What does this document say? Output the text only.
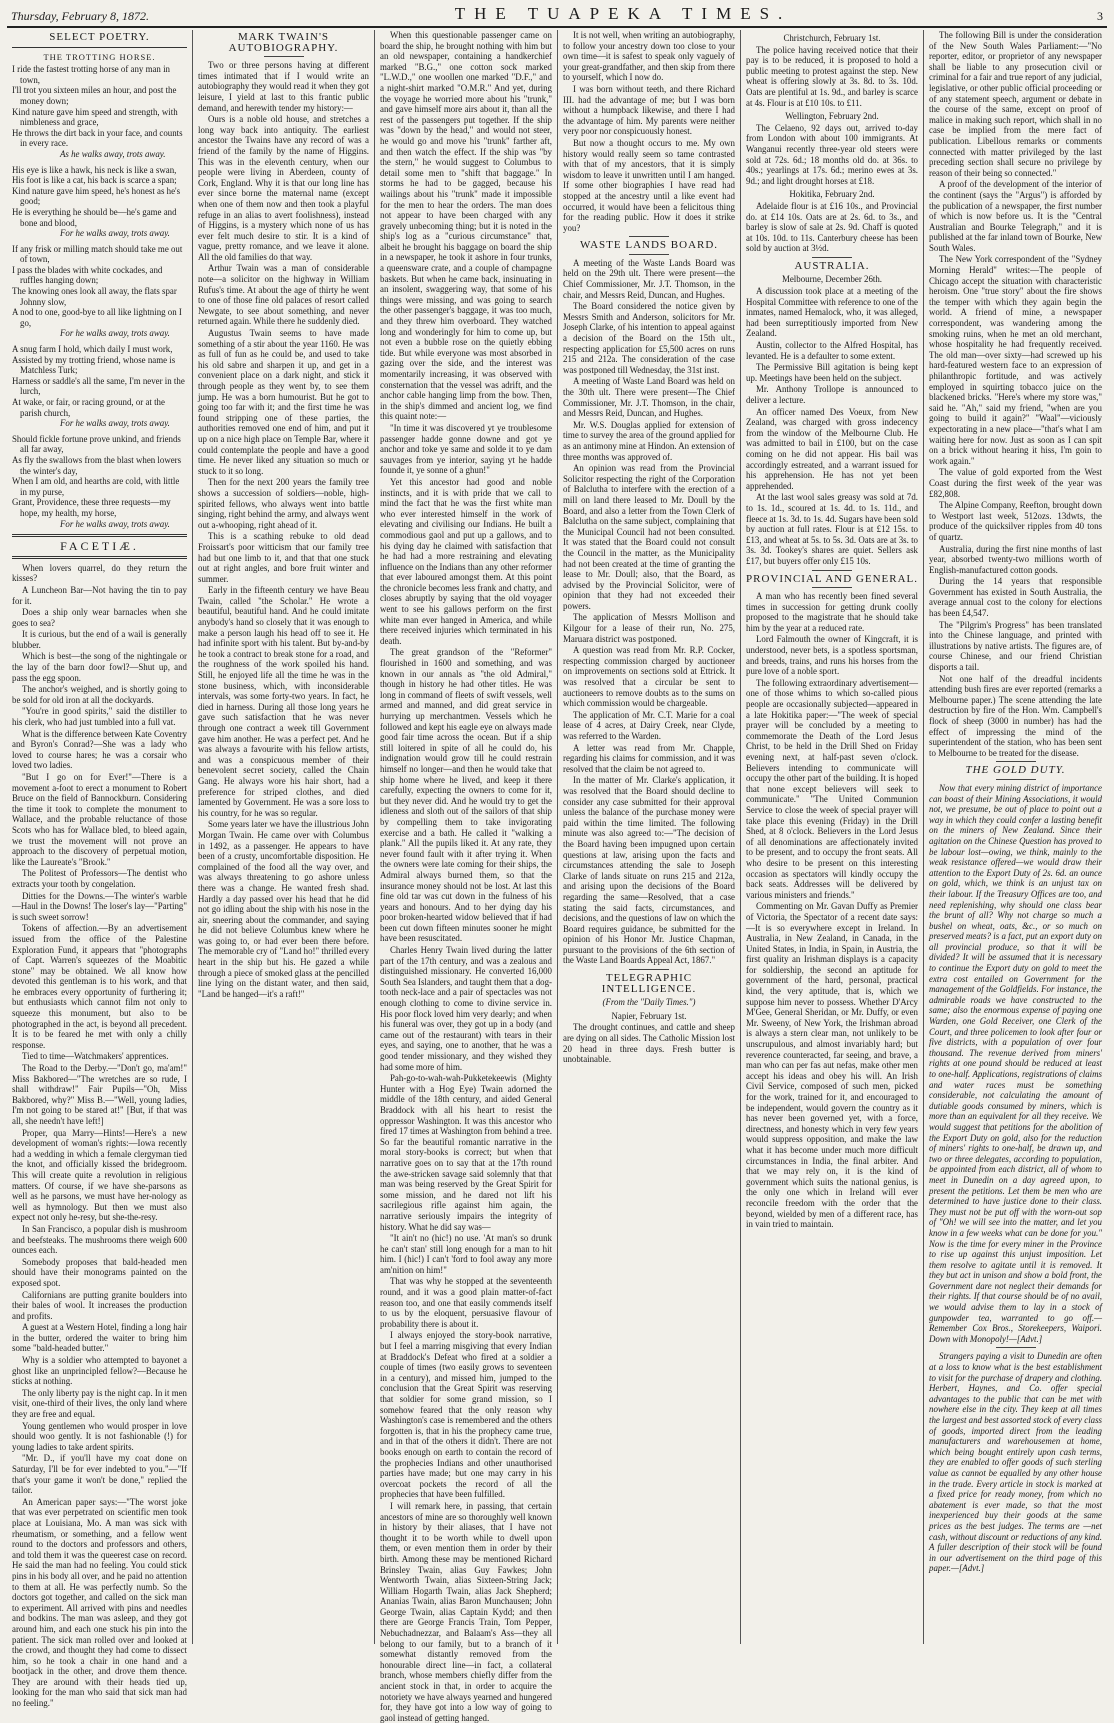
Thursday, February 8, 1872.	THE TUAPEKA TIMES.	3
SELECT POETRY.
THE TROTTING HORSE.

I ride the fastest trotting horse of any man in town,

I'll trot you sixteen miles an hour, and post the money down;

Kind nature gave him speed and strength, with nimbleness and grace,

He throws the dirt back in your face, and counts in every race.

As he walks away, trots away.

His eye is like a hawk, his neck is like a swan,

His foot is like a cat, his back is scarce a span;

Kind nature gave him speed, he's honest as he's good;

He is everything he should be—he's game and bone and blood,

For he walks away, trots away.

If any frisk or milling match should take me out of town,

I pass the blades with white cockades, and ruffles hanging down;

The knowing ones look all away, the flats spar Johnny slow,

A nod to one, good-bye to all like lightning on I go,

For he walks away, trots away.

A snug farm I hold, which daily I must work,

Assisted by my trotting friend, whose name is Matchless Turk;

Harness or saddle's all the same, I'm never in the lurch,

At wake, or fair, or racing ground, or at the parish church,

For he walks away, trots away.

Should fickle fortune prove unkind, and friends all far away,

As fly the swallows from the blast when lowers the winter's day,

When I am old, and hearths are cold, with little in my purse,

Grant, Providence, these three requests—my hope, my health, my horse,

For he walks away, trots away.

FACETIÆ.

When lovers quarrel, do they return the kisses?

A Luncheon Bar—Not having the tin to pay for it.

Does a ship only wear barnacles when she goes to sea?

It is curious, but the end of a wail is generally blubber.

Which is best—the song of the nightingale or the lay of the barn door fowl?—Shut up, and pass the egg spoon.

The anchor's weighed, and is shortly going to be sold for old iron at all the dockyards.

"You're in good spirits," said the distiller to his clerk, who had just tumbled into a full vat.

What is the difference between Kate Coventry and Byron's Conrad?—She was a lady who loved to course hares; he was a corsair who loved two ladies.

"But I go on for Ever!"—There is a movement a-foot to erect a monument to Robert Bruce on the field of Bannockburn. Considering the time it took to complete the monument to Wallace, and the probable reluctance of those Scots who has for Wallace bled, to bleed again, we trust the movement will not prove an approach to the discovery of perpetual motion, like the Laureate's "Brook."

The Politest of Professors—The dentist who extracts your tooth by congelation.

Ditties for the Downs.—The winter's warble—Haul in the Downs! The loser's lay—"Parting" is such sweet sorrow!

Tokens of affection.—By an advertisement issued from the office of the Palestine Exploration Fund, it appears that "photographs of Capt. Warren's squeezes of the Moabitic stone" may be obtained. We all know how devoted this gentleman is to his work, and that he embraces every opportunity of furthering it; but enthusiasts which cannot film not only to squeeze this monument, but also to be photographed in the act, is beyond all precedent. It is to be feared he met with only a chilly response.

Tied to time—Watchmakers' apprentices.

The Road to the Derby.—"Don't go, ma'am!" Miss Bakbored—"The wretches are so rude, I shall withdraw!" Fair Pupils—"Oh, Miss Bakbored, why?" Miss B.—"Well, young ladies, I'm not going to be stared at!" [But, if that was all, she needn't have left!]

Proper, qua Marry—Hints!—Here's a new development of woman's rights:—Iowa recently had a wedding in which a female clergyman tied the knot, and officially kissed the bridegroom. This will create quite a revolution in religious matters. Of course, if we have she-parsons as well as he parsons, we must have her-nology as well as hymnology. But then we must also expect not only he-resy, but she-the-resy.

In San Francisco, a popular dish is mushroom and beefsteaks. The mushrooms there weigh 600 ounces each.

Somebody proposes that bald-headed men should have their monograms painted on the exposed spot.

Californians are putting granite boulders into their bales of wool. It increases the production and profits.

A guest at a Western Hotel, finding a long hair in the butter, ordered the waiter to bring him some "bald-headed butter."

Why is a soldier who attempted to bayonet a ghost like an unprincipled fellow?—Because he sticks at nothing.

The only liberty pay is the night cap. In it men visit, one-third of their lives, the only land where they are free and equal.

Young gentlemen who would prosper in love should woo gently. It is not fashionable (!) for young ladies to take ardent spirits.

"Mr. D., if you'll have my coat done on Saturday, I'll be for ever indebted to you."—"If that's your game it won't be done," replied the tailor.

An American paper says:—"The worst joke that was ever perpetrated on scientific men took place at Louisiana, Mo. A man was sick with rheumatism, or something, and a fellow went round to the doctors and professors and others, and told them it was the queerest case on record. He said the man had no feeling. You could stick pins in his body all over, and he paid no attention to them at all. He was perfectly numb. So the doctors got together, and called on the sick man to experiment. All arrived with pins and needles and bodkins. The man was asleep, and they got around him, and each one stuck his pin into the patient. The sick man rolled over and looked at the crowd, and thought they had come to dissect him, so he took a chair in one hand and a bootjack in the other, and drove them thence. They are around with their heads tied up, looking for the man who said that sick man had no feeling."

MARK TWAIN'S AUTOBIOGRAPHY.

Two or three persons having at different times intimated that if I would write an autobiography they would read it when they got leisure, I yield at last to this frantic public demand, and herewith tender my history:—

Ours is a noble old house, and stretches a long way back into antiquity. The earliest ancestor the Twains have any record of was a friend of the family by the name of Higgins. This was in the eleventh century, when our people were living in Aberdeen, county of Cork, England. Why it is that our long line has ever since borne the maternal name (except when one of them now and then took a playful refuge in an alias to avert foolishness), instead of Higgins, is a mystery which none of us has ever felt much desire to stir. It is a kind of vague, pretty romance, and we leave it alone. All the old families do that way.

Arthur Twain was a man of considerable note—a solicitor on the highway in William Rufus's time. At about the age of thirty he went to one of those fine old palaces of resort called Newgate, to see about something, and never returned again. While there he suddenly died.

Augustus Twain seems to have made something of a stir about the year 1160. He was as full of fun as he could be, and used to take his old sabre and sharpen it up, and get in a convenient place on a dark night, and stick it through people as they went by, to see them jump. He was a born humourist. But he got to going too far with it; and the first time he was found stripping one of these parties, the authorities removed one end of him, and put it up on a nice high place on Temple Bar, where it could contemplate the people and have a good time. He never liked any situation so much or stuck to it so long.

Then for the next 200 years the family tree shows a succession of soldiers—noble, high-spirited fellows, who always went into battle singing, right behind the army, and always went out a-whooping, right ahead of it.

This is a scathing rebuke to old dead Froissart's poor witticism that our family tree had but one limb to it, and that that one stuck out at right angles, and bore fruit winter and summer.

Early in the fifteenth century we have Beau Twain, called "the Scholar." He wrote a beautiful, beautiful hand. And he could imitate anybody's hand so closely that it was enough to make a person laugh his head off to see it. He had infinite sport with his talent. But by-and-by he took a contract to break stone for a road, and the roughness of the work spoiled his hand. Still, he enjoyed life all the time he was in the stone business, which, with inconsiderable intervals, was some forty-two years. In fact, he died in harness. During all those long years he gave such satisfaction that he was never through one contract a week till Government gave him another. He was a perfect pet. And he was always a favourite with his fellow artists, and was a conspicuous member of their benevolent secret society, called the Chain Gang. He always wore his hair short, had a preference for striped clothes, and died lamented by Government. He was a sore loss to his country, for he was so regular.

Some years later we have the illustrious John Morgan Twain. He came over with Columbus in 1492, as a passenger. He appears to have been of a crusty, uncomfortable disposition. He complained of the food all the way over, and was always threatening to go ashore unless there was a change. He wanted fresh shad. Hardly a day passed over his head that he did not go idling about the ship with his nose in the air, sneering about the commander, and saying he did not believe Columbus knew where he was going to, or had ever been there before. The memorable cry of "Land ho!" thrilled every heart in the ship but his. He gazed a while through a piece of smoked glass at the pencilled line lying on the distant water, and then said, "Land be hanged—it's a raft!"

When this questionable passenger came on board the ship, he brought nothing with him but an old newspaper, containing a handkerchief marked "B.G.," one cotton sock marked "L.W.D.," one woollen one marked "D.F.," and a night-shirt marked "O.M.R." And yet, during the voyage he worried more about his "trunk," and gave himself more airs about it, than all the rest of the passengers put together. If the ship was "down by the head," and would not steer, he would go and move his "trunk" farther aft, and then watch the effect. If the ship was "by the stern," he would suggest to Columbus to detail some men to "shift that baggage." In storms he had to be gagged, because his wailings about his "trunk" made it impossible for the men to hear the orders. The man does not appear to have been charged with any gravely unbecoming thing; but it is noted in the ship's log as a "curious circumstance" that, albeit he brought his baggage on board the ship in a newspaper, he took it ashore in four trunks, a queensware crate, and a couple of champagne baskets. But when he came back, insinuating in an insolent, swaggering way, that some of his things were missing, and was going to search the other passenger's baggage, it was too much, and they threw him overboard. They watched long and wonderingly for him to come up, but not even a bubble rose on the quietly ebbing tide. But while everyone was most absorbed in gazing over the side, and the interest was momentarily increasing, it was observed with consternation that the vessel was adrift, and the anchor cable hanging limp from the bow. Then, in the ship's dimmed and ancient log, we find this quaint note:—

"In time it was discovered yt ye troublesome passenger hadde gonne downe and got ye anchor and toke ye same and solde it to ye dam sauvages from ye interior, saying yt he hadde founde it, ye sonne of a ghun!"

Yet this ancestor had good and noble instincts, and it is with pride that we call to mind the fact that he was the first white man who ever interested himself in the work of elevating and civilising our Indians. He built a commodious gaol and put up a gallows, and to his dying day he claimed with satisfaction that he had had a more restraining and elevating influence on the Indians than any other reformer that ever laboured amongst them. At this point the chronicle becomes less frank and chatty, and closes abruptly by saying that the old voyager went to see his gallows perform on the first white man ever hanged in America, and while there received injuries which terminated in his death.

The great grandson of the "Reformer" flourished in 1600 and something, and was known in our annals as "the old Admiral," though in history he had other titles. He was long in command of fleets of swift vessels, well armed and manned, and did great service in hurrying up merchantmen. Vessels which he followed and kept his eagle eye on always made good fair time across the ocean. But if a ship still loitered in spite of all he could do, his indignation would grow till he could restrain himself no longer—and then he would take that ship home where he lived, and keep it there carefully, expecting the owners to come for it, but they never did. And he would try to get the idleness and sloth out of the sailors of that ship by compelling them to take invigorating exercise and a bath. He called it "walking a plank." All the pupils liked it. At any rate, they never found fault with it after trying it. When the owners were late coming for their ships, the Admiral always burned them, so that the insurance money should not be lost. At last this fine old tar was cut down in the fulness of his years and honours. And to her dying day his poor broken-hearted widow believed that if had been cut down fifteen minutes sooner he might have been resuscitated.

Charles Henry Twain lived during the latter part of the 17th century, and was a zealous and distinguished missionary. He converted 16,000 South Sea Islanders, and taught them that a dog-tooth neck-lace and a pair of spectacles was not enough clothing to come to divine service in. His poor flock loved him very dearly; and when his funeral was over, they got up in a body (and came out of the restaurant) with tears in their eyes, and saying, one to another, that he was a good tender missionary, and they wished they had some more of him.

Pah-go-to-wah-wah-Pukketekeewis (Mighty Hunter with a Hog Eye) Twain adorned the middle of the 18th century, and aided General Braddock with all his heart to resist the oppressor Washington. It was this ancestor who fired 17 times at Washington from behind a tree. So far the beautiful romantic narrative in the moral story-books is correct; but when that narrative goes on to say that at the 17th round the awe-stricken savage said solemnly that that man was being reserved by the Great Spirit for some mission, and he dared not lift his sacrilegious rifle against him again, the narrative seriously impairs the integrity of history. What he did say was—

"It ain't no (hic!) no use. 'At man's so drunk he can't stan' still long enough for a man to hit him. I (hic!) I can't 'ford to fool away any more am'nition on him!"

That was why he stopped at the seventeenth round, and it was a good plain matter-of-fact reason too, and one that easily commends itself to us by the eloquent, persuasive flavour of probability there is about it.

I always enjoyed the story-book narrative, but I feel a marring misgiving that every Indian at Braddock's Defeat who fired at a soldier a couple of times (two easily grows to seventeen in a century), and missed him, jumped to the conclusion that the Great Spirit was reserving that soldier for some grand mission, so I somehow feared that the only reason why Washington's case is remembered and the others forgotten is, that in his the prophecy came true, and in that of the others it didn't. There are not books enough on earth to contain the record of the prophecies Indians and other unauthorised parties have made; but one may carry in his overcoat pockets the record of all the prophecies that have been fulfilled.

I will remark here, in passing, that certain ancestors of mine are so thoroughly well known in history by their aliases, that I have not thought it to be worth while to dwell upon them, or even mention them in order by their birth. Among these may be mentioned Richard Brinsley Twain, alias Guy Fawkes; John Wentworth Twain, alias Sixteen-String Jack; William Hogarth Twain, alias Jack Shepherd; Ananias Twain, alias Baron Munchausen; John George Twain, alias Captain Kydd; and then there are George Francis Train, Tom Pepper, Nebuchadnezzar, and Balaam's Ass—they all belong to our family, but to a branch of it somewhat distantly removed from the honourable direct line—in fact, a collateral branch, whose members chiefly differ from the ancient stock in that, in order to acquire the notoriety we have always yearned and hungered for, they have got into a low way of going to gaol instead of getting hanged.

It is not well, when writing an autobiography, to follow your ancestry down too close to your own time—it is safest to speak only vaguely of your great-grandfather, and then skip from there to yourself, which I now do.

I was born without teeth, and there Richard III. had the advantage of me; but I was born without a humpback likewise, and there I had the advantage of him. My parents were neither very poor nor conspicuously honest.

But now a thought occurs to me. My own history would really seem so tame contrasted with that of my ancestors, that it is simply wisdom to leave it unwritten until I am hanged. If some other biographies I have read had stopped at the ancestry until a like event had occurred, it would have been a felicitous thing for the reading public. How it does it strike you?

WASTE LANDS BOARD.

A meeting of the Waste Lands Board was held on the 29th ult. There were present—the Chief Commissioner, Mr. J.T. Thomson, in the chair, and Messrs Reid, Duncan, and Hughes.

The Board considered the notice given by Messrs Smith and Anderson, solicitors for Mr. Joseph Clarke, of his intention to appeal against a decision of the Board on the 15th ult., respecting application for £5,500 acres on runs 215 and 212a. The consideration of the case was postponed till Wednesday, the 31st inst.

A meeting of Waste Land Board was held on the 30th ult. There were present—The Chief Commissioner, Mr. J.T. Thomson, in the chair, and Messrs Reid, Duncan, and Hughes.

Mr. W.S. Douglas applied for extension of time to survey the area of the ground applied for as an antimony mine at Hindon. An extension of three months was approved of.

An opinion was read from the Provincial Solicitor respecting the right of the Corporation of Balclutha to interfere with the erection of a mill on land there leased to Mr. Doull by the Board, and also a letter from the Town Clerk of Balclutha on the same subject, complaining that the Municipal Council had not been consulted. It was stated that the Board could not consult the Council in the matter, as the Municipality had not been created at the time of granting the lease to Mr. Doull; also, that the Board, as advised by the Provincial Solicitor, were of opinion that they had not exceeded their powers.

The application of Messrs Mollison and Kilgour for a lease of their run, No. 275, Maruara district was postponed.

A question was read from Mr. R.P. Cocker, respecting commission charged by auctioneer on improvements on sections sold at Ettrick. It was resolved that a circular be sent to auctioneers to remove doubts as to the sums on which commission would be chargeable.

The application of Mr. C.T. Marie for a coal lease of 4 acres, at Dairy Creek, near Clyde, was referred to the Warden.

A letter was read from Mr. Chapple, regarding his claims for commission, and it was resolved that the claim be not agreed to.

In the matter of Mr. Clarke's application, it was resolved that the Board should decline to consider any case submitted for their approval unless the balance of the purchase money were paid within the time limited. The following minute was also agreed to:—"The decision of the Board having been impugned upon certain questions at law, arising upon the facts and circumstances attending the sale to Joseph Clarke of lands situate on runs 215 and 212a, and arising upon the decisions of the Board regarding the same—Resolved, that a case stating the said facts, circumstances, and decisions, and the questions of law on which the Board requires guidance, be submitted for the opinion of his Honor Mr. Justice Chapman, pursuant to the provisions of the 6th section of the Waste Land Boards Appeal Act, 1867."

TELEGRAPHIC INTELLIGENCE.
(From the "Daily Times.")
Napier, February 1st.

The drought continues, and cattle and sheep are dying on all sides. The Catholic Mission lost 20 head in three days. Fresh butter is unobtainable.

Christchurch, February 1st.

The police having received notice that their pay is to be reduced, it is proposed to hold a public meeting to protest against the step. New wheat is offering slowly at 3s. 8d. to 3s. 10d. Oats are plentiful at 1s. 9d., and barley is scarce at 4s. Flour is at £10 10s. to £11.

Wellington, February 2nd.

The Celaeno, 92 days out, arrived to-day from London with about 100 immigrants. At Wanganui recently three-year old steers were sold at 72s. 6d.; 18 months old do. at 36s. to 40s.; yearlings at 17s. 6d.; merino ewes at 3s. 9d.; and light drought horses at £18.

Hokitika, February 2nd.

Adelaide flour is at £16 10s., and Provincial do. at £14 10s. Oats are at 2s. 6d. to 3s., and barley is slow of sale at 2s. 9d. Chaff is quoted at 10s. 10d. to 11s. Canterbury cheese has been sold by auction at 3½d.

AUSTRALIA.
Melbourne, December 26th.

A discussion took place at a meeting of the Hospital Committee with reference to one of the inmates, named Hemalock, who, it was alleged, had been surreptitiously imported from New Zealand.

Austin, collector to the Alfred Hospital, has levanted. He is a defaulter to some extent.

The Permissive Bill agitation is being kept up. Meetings have been held on the subject.

Mr. Anthony Trollope is announced to deliver a lecture.

An officer named Des Voeux, from New Zealand, was charged with gross indecency from the window of the Melbourne Club. He was admitted to bail in £100, but on the case coming on he did not appear. His bail was accordingly estreated, and a warrant issued for his apprehension. He has not yet been apprehended.

At the last wool sales greasy was sold at 7d. to 1s. 1d., scoured at 1s. 4d. to 1s. 11d., and fleece at 1s. 3d. to 1s. 4d. Sugars have been sold by auction at full rates. Flour is at £12 15s. to £13, and wheat at 5s. to 5s. 3d. Oats are at 3s. to 3s. 3d. Tookey's shares are quiet. Sellers ask £17, but buyers offer only £15 10s.

PROVINCIAL AND GENERAL.

A man who has recently been fined several times in succession for getting drunk coolly proposed to the magistrate that he should take him by the year at a reduced rate.

Lord Falmouth the owner of Kingcraft, it is understood, never bets, is a spotless sportsman, and breeds, trains, and runs his horses from the pure love of a noble sport.

The following extraordinary advertisement—one of those whims to which so-called pious people are occasionally subjected—appeared in a late Hokitika paper:—"The week of special prayer will be concluded by a meeting to commemorate the Death of the Lord Jesus Christ, to be held in the Drill Shed on Friday evening next, at half-past seven o'clock. Believers intending to communicate will occupy the other part of the building. It is hoped that none except believers will seek to communicate." "The United Communion Service to close the week of special prayer will take place this evening (Friday) in the Drill Shed, at 8 o'clock. Believers in the Lord Jesus of all denominations are affectionately invited to be present, and to occupy the front seats. All who desire to be present on this interesting occasion as spectators will kindly occupy the back seats. Addresses will be delivered by various ministers and friends."

Commenting on Mr. Gavan Duffy as Premier of Victoria, the Spectator of a recent date says:—It is so everywhere except in Ireland. In Australia, in New Zealand, in Canada, in the United States, in India, in Spain, in Austria, the first quality an Irishman displays is a capacity for soldiership, the second an aptitude for government of the hard, personal, practical kind, the very aptitude, that is, which we suppose him never to possess. Whether D'Arcy M'Gee, General Sheridan, or Mr. Duffy, or even Mr. Sweeny, of New York, the Irishman abroad is always a stern clear man, not unlikely to be unscrupulous, and almost invariably hard; but reverence counteracted, far seeing, and brave, a man who can per fas aut nefas, make other men accept his ideas and obey his will. An Irish Civil Service, composed of such men, picked for the work, trained for it, and encouraged to be independent, would govern the country as it has never been governed yet, with a force, directness, and honesty which in very few years would suppress opposition, and make the law what it has become under much more difficult circumstances in India, the final arbiter. And that we may rely on, it is the kind of government which suits the national genius, is the only one which in Ireland will ever reconcile freedom with the order that the beyond, wielded by men of a different race, has in vain tried to maintain.

The following Bill is under the consideration of the New South Wales Parliament:—"No reporter, editor, or proprietor of any newspaper shall be liable to any prosecution civil or criminal for a fair and true report of any judicial, legislative, or other public official proceeding or of any statement speech, argument or debate in the course of the same, except on proof of malice in making such report, which shall in no case be implied from the mere fact of publication. Libellous remarks or comments connected with matter privileged by the last preceding section shall secure no privilege by reason of their being so connected."

A proof of the development of the interior of the continent (says the "Argus") is afforded by the publication of a newspaper, the first number of which is now before us. It is the "Central Australian and Bourke Telegraph," and it is published at the far inland town of Bourke, New South Wales.

The New York correspondent of the "Sydney Morning Herald" writes:—The people of Chicago accept the situation with characteristic heroism. One "true story" about the fire shows the temper with which they again begin the world. A friend of mine, a newspaper correspondent, was wandering among the smoking ruins, when he met an old merchant, whose hospitality he had frequently received. The old man—over sixty—had screwed up his hard-featured western face to an expression of philanthropic fortitude, and was actively employed in squirting tobacco juice on the blackened bricks. "Here's where my store was," said he. "Ah," said my friend, "when are you going to build it again?" "Waal"—viciously expectorating in a new place—"that's what I am waiting here for now. Just as soon as I can spit on a brick without hearing it hiss, I'm goin to work again."

The value of gold exported from the West Coast during the first week of the year was £82,808.

The Alpine Company, Reefton, brought down to Westport last week, 512ozs. 13dwts, the produce of the quicksilver ripples from 40 tons of quartz.

Australia, during the first nine months of last year, absorbed twenty-two millions worth of English-manufactured cotton goods.

During the 14 years that responsible Government has existed in South Australia, the average annual cost to the colony for elections has been £4,547.

The "Pilgrim's Progress" has been translated into the Chinese language, and printed with illustrations by native artists. The figures are, of course Chinese, and our friend Christian disports a tail.

Not one half of the dreadful incidents attending bush fires are ever reported (remarks a Melbourne paper.) The scene attending the late destruction by fire of the Hon. Wm. Campbell's flock of sheep (3000 in number) has had the effect of impressing the mind of the superintendent of the station, who has been sent to Melbourne to be treated for the disease.

THE GOLD DUTY.

Now that every mining district of importance can boast of their Mining Associations, it would not, we presume, be out of place to point out a way in which they could confer a lasting benefit on the miners of New Zealand. Since their agitation on the Chinese Question has proved to be labour lost—owing, we think, mainly to the weak resistance offered—we would draw their attention to the Export Duty of 2s. 6d. an ounce on gold, which, we think is an unjust tax on their labour. If the Treasury Offices are too, and need replenishing, why should one class bear the brunt of all? Why not charge so much a bushel on wheat, oats, &c., or so much on preserved meats? is a fact, put an export duty on all provincial produce, so that it will be divided? It will be assumed that it is necessary to continue the Export duty on gold to meet the extra cost entailed on Government for the management of the Goldfields. For instance, the admirable roads we have constructed to the same; also the enormous expense of paying one Warden, one Gold Receiver, one Clerk of the Court, and three policemen to look after four or five districts, with a population of over four thousand. The revenue derived from miners' rights at one pound should be reduced at least to one-half. Applications, registrations of claims and water races must be something considerable, not calculating the amount of dutiable goods consumed by miners, which is more than an equivalent for all they receive. We would suggest that petitions for the abolition of the Export Duty on gold, also for the reduction of miners' rights to one-half, be drawn up, and two or three delegates, according to population, be appointed from each district, all of whom to meet in Dunedin on a day agreed upon, to present the petitions. Let them be men who are determined to have justice done to their class. They must not be put off with the worn-out sop of "Oh! we will see into the matter, and let you know in a few weeks what can be done for you." Now is the time for every miner in the Province to rise up against this unjust imposition. Let them resolve to agitate until it is removed. It they but act in unison and show a bold front, the Government dare not neglect their demands for their rights. If that course should be of no avail, we would advise them to lay in a stock of gunpowder tea, warranted to go off.—Remember Cox Bros., Storekeepers, Waipori. Down with Monopoly!—[Advt.]

Strangers paying a visit to Dunedin are often at a loss to know what is the best establishment to visit for the purchase of drapery and clothing. Herbert, Haynes, and Co. offer special advantages to the public that can be met with nowhere else in the city. They keep at all times the largest and best assorted stock of every class of goods, imported direct from the leading manufacturers and warehousemen at home, which being bought entirely upon cash terms, they are enabled to offer goods of such sterling value as cannot be equalled by any other house in the trade. Every article in stock is marked at a fixed price for ready money, from which no abatement is ever made, so that the most inexperienced buy their goods at the same prices as the best judges. The terms are —net cash, without discount or reductions of any kind. A fuller description of their stock will be found in our advertisement on the third page of this paper.—[Advt.]
